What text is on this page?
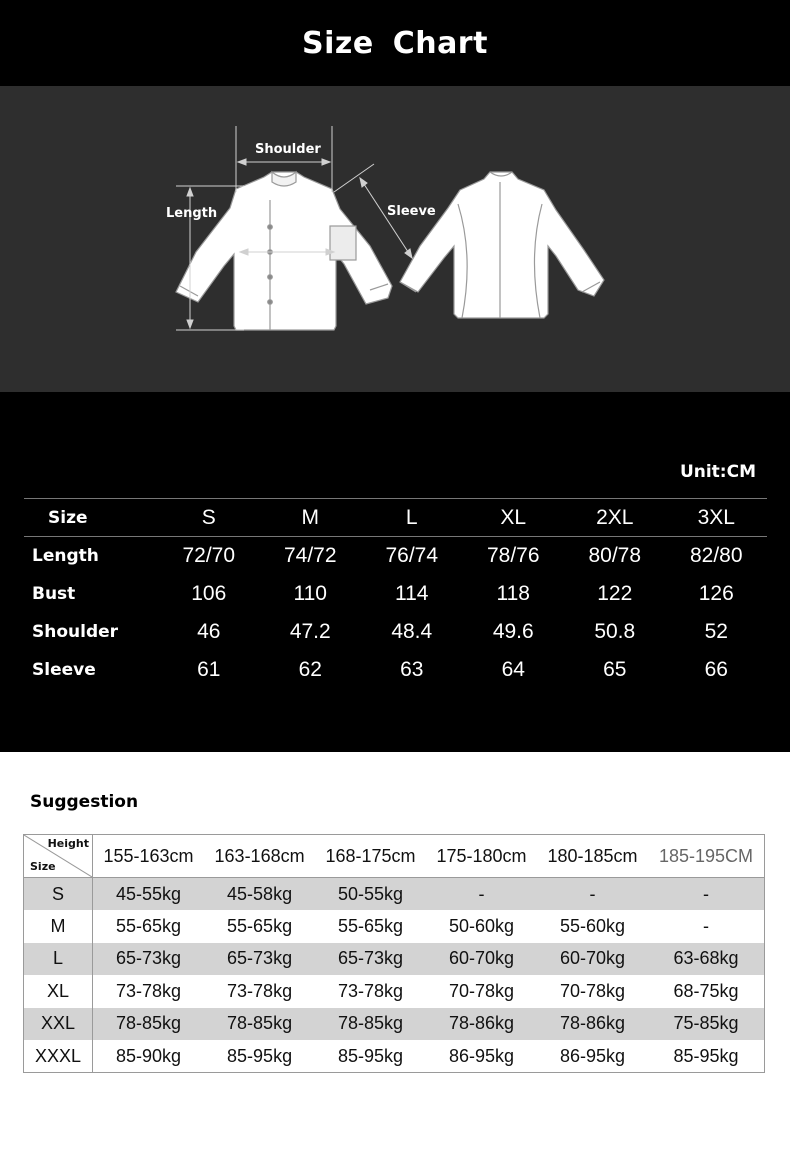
Size Chart
Shoulder
Length
Bust
Sleeve
Unit:CM
Size	S	M	L	XL	2XL	3XL
Length	72/70	74/72	76/74	78/76	80/78	82/80
Bust	106	110	114	118	122	126
Shoulder	46	47.2	48.4	49.6	50.8	52
Sleeve	61	62	63	64	65	66
Suggestion
Height
Size	155-163cm	163-168cm	168-175cm	175-180cm	180-185cm	185-195CM
S	45-55kg	45-58kg	50-55kg	-	-	-
M	55-65kg	55-65kg	55-65kg	50-60kg	55-60kg	-
L	65-73kg	65-73kg	65-73kg	60-70kg	60-70kg	63-68kg
XL	73-78kg	73-78kg	73-78kg	70-78kg	70-78kg	68-75kg
XXL	78-85kg	78-85kg	78-85kg	78-86kg	78-86kg	75-85kg
XXXL	85-90kg	85-95kg	85-95kg	86-95kg	86-95kg	85-95kg
